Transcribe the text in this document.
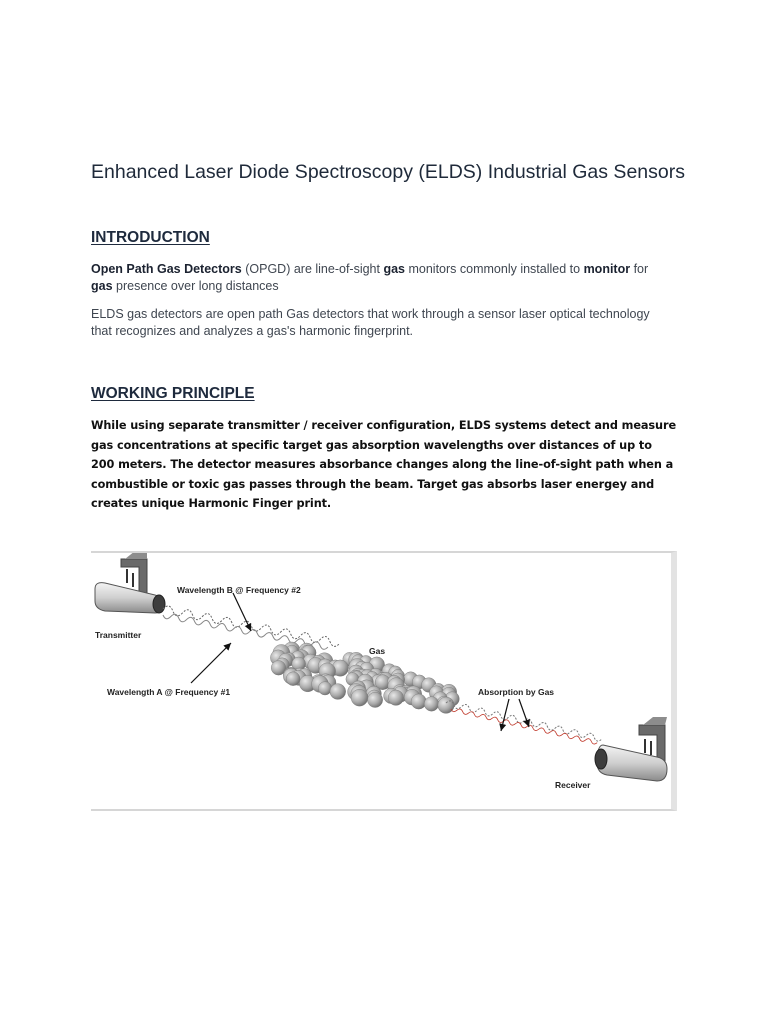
Enhanced Laser Diode Spectroscopy (ELDS) Industrial Gas Sensors
INTRODUCTION

Open Path Gas Detectors (OPGD) are line-of-sight gas monitors commonly installed to monitor for gas presence over long distances

ELDS gas detectors are open path Gas detectors that work through a sensor laser optical technology that recognizes and analyzes a gas's harmonic fingerprint.

WORKING PRINCIPLE

While using separate transmitter / receiver configuration, ELDS systems detect and measure gas concentrations at specific target gas absorption wavelengths over distances of up to 200 meters. The detector measures absorbance changes along the line-of-sight path when a combustible or toxic gas passes through the beam. Target gas absorbs laser energey and creates unique Harmonic Finger print.

Wavelength B @ Frequency #2
Transmitter
Gas
Wavelength A @ Frequency #1	Absorption by Gas
Receiver
